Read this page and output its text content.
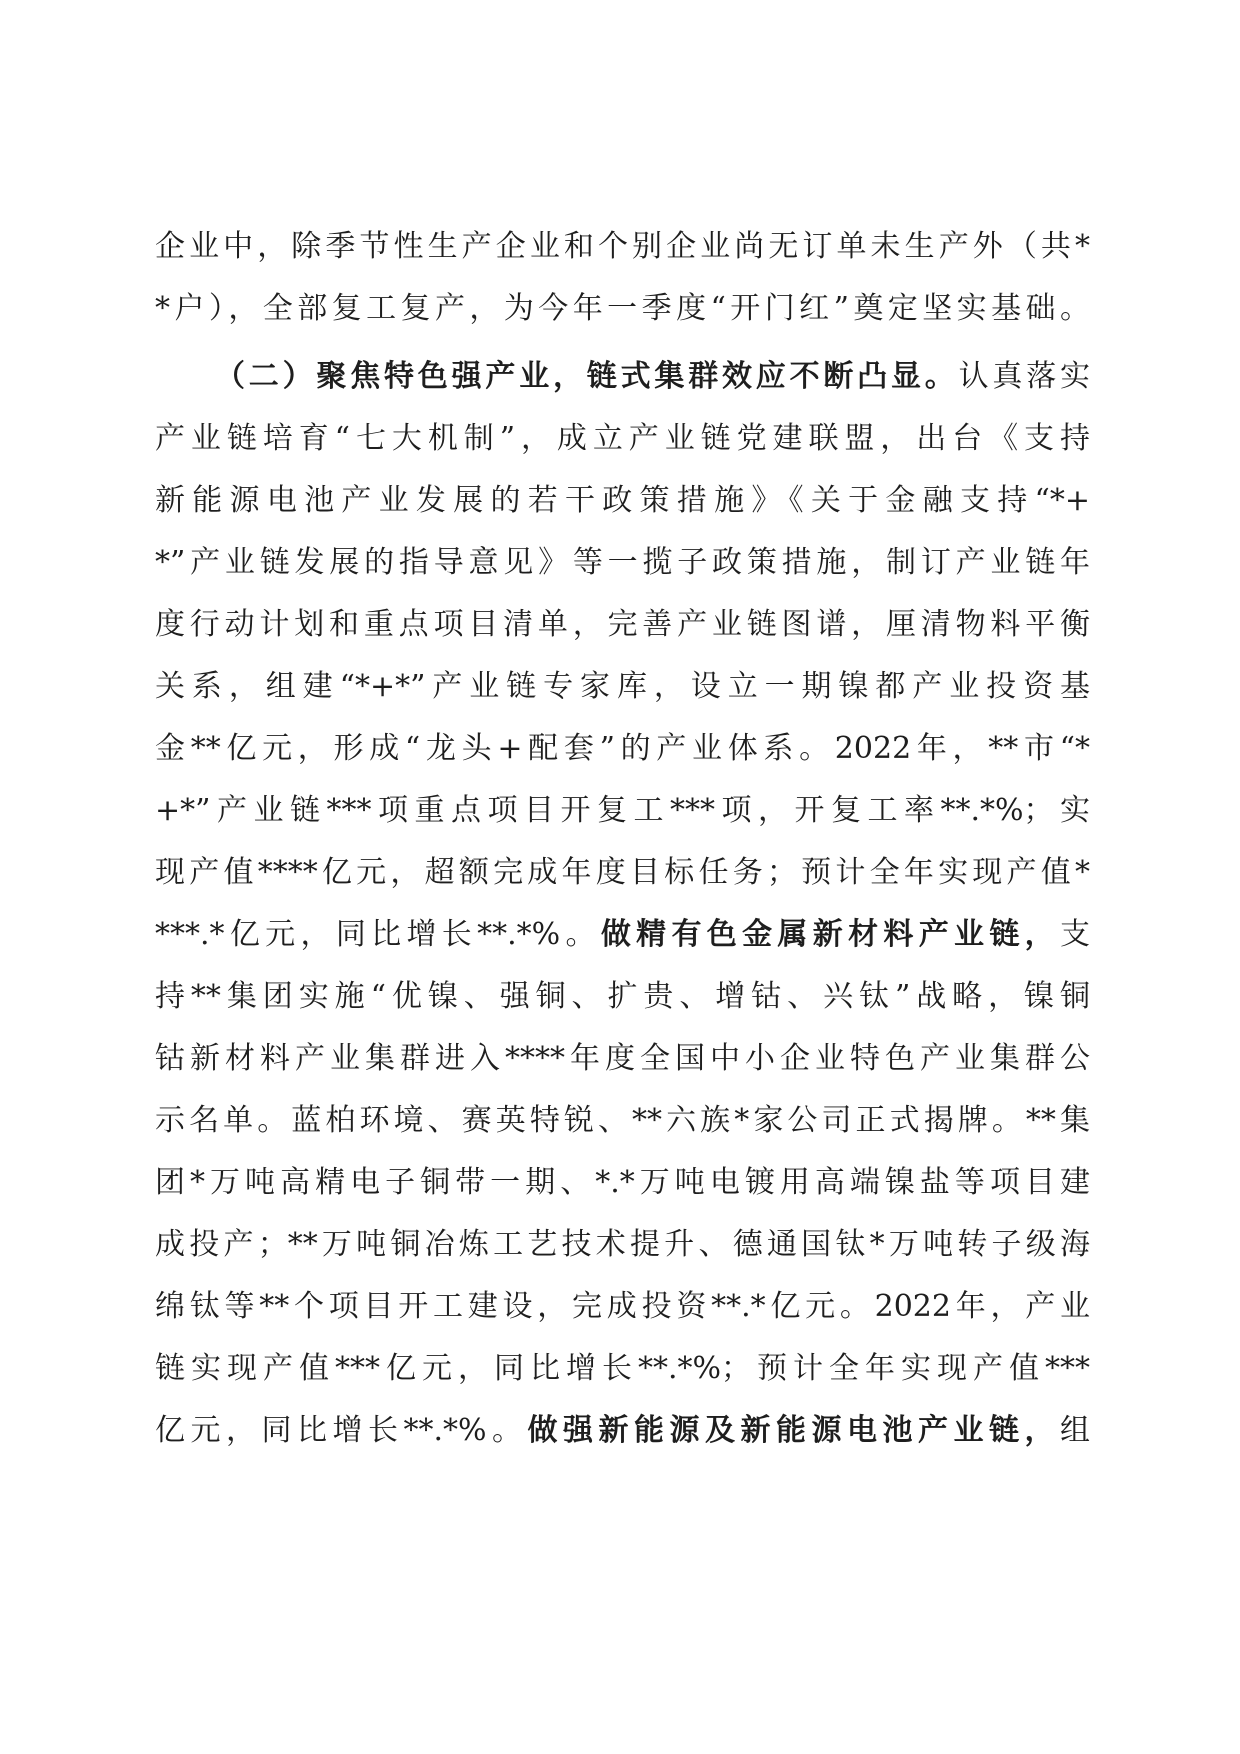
企业中，除季节性生产企业和个别企业尚无订单未生产外（共*
*户），全部复工复产，为今年一季度“开门红”奠定坚实基础。
（二）聚焦特色强产业，链式集群效应不断凸显。认真落实
产业链培育“七大机制”，成立产业链党建联盟，出台《支持
新能源电池产业发展的若干政策措施》《关于金融支持“*+
*”产业链发展的指导意见》等一揽子政策措施，制订产业链年
度行动计划和重点项目清单，完善产业链图谱，厘清物料平衡
关系，组建“*+*”产业链专家库，设立一期镍都产业投资基
金**亿元，形成“龙头+配套”的产业体系。2022年，**市“*
+*”产业链***项重点项目开复工***项，开复工率**.*%；实
现产值****亿元，超额完成年度目标任务；预计全年实现产值*
***.*亿元，同比增长**.*%。做精有色金属新材料产业链，支
持**集团实施“优镍、强铜、扩贵、增钴、兴钛”战略，镍铜
钴新材料产业集群进入****年度全国中小企业特色产业集群公
示名单。蓝柏环境、赛英特锐、**六族*家公司正式揭牌。**集
团*万吨高精电子铜带一期、*.*万吨电镀用高端镍盐等项目建
成投产；**万吨铜冶炼工艺技术提升、德通国钛*万吨转子级海
绵钛等**个项目开工建设，完成投资**.*亿元。2022年，产业
链实现产值***亿元，同比增长**.*%；预计全年实现产值***
亿元，同比增长**.*%。做强新能源及新能源电池产业链，组
